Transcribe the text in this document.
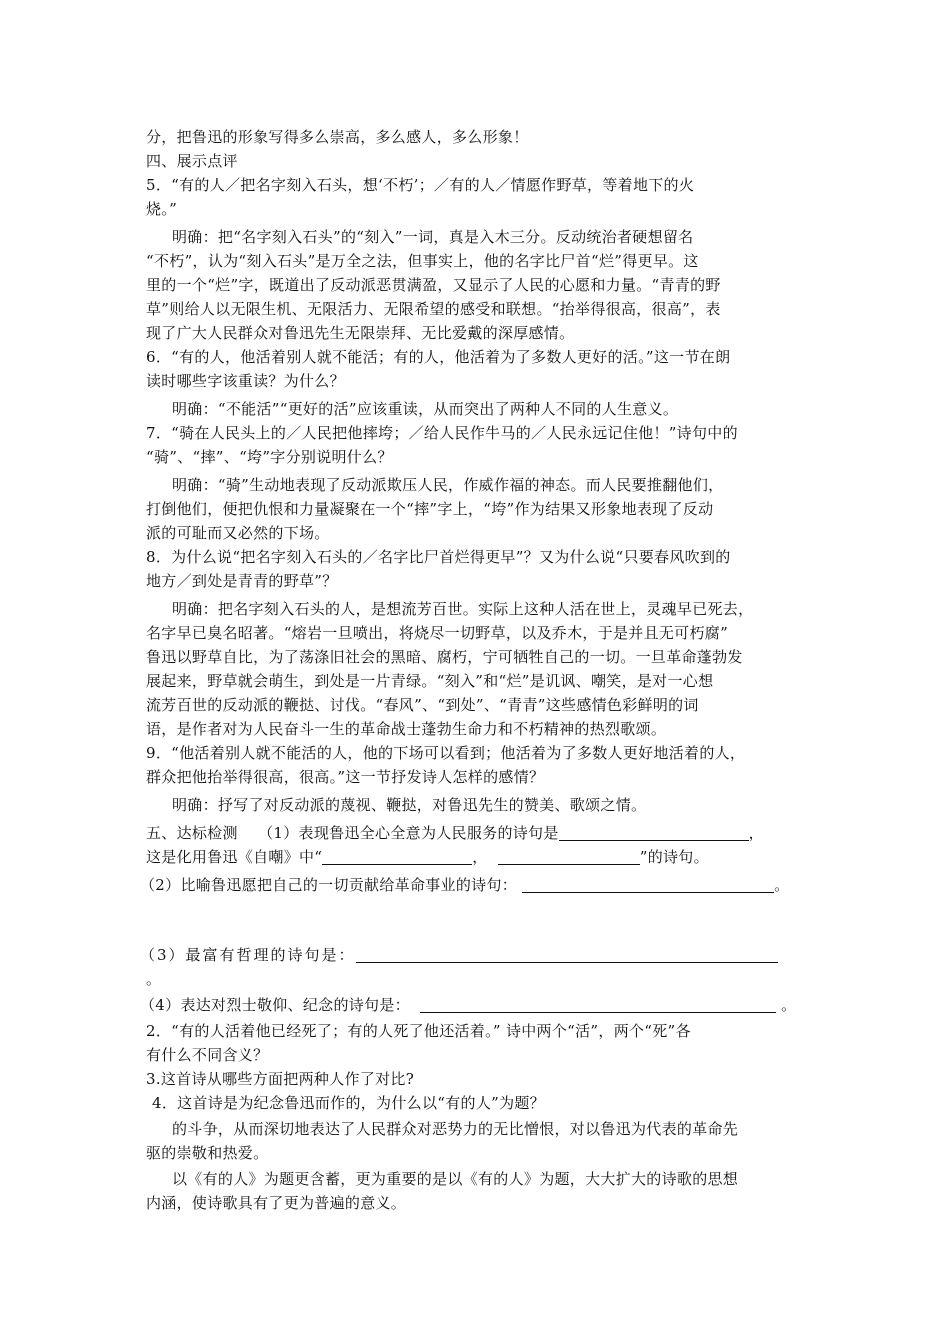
分，把鲁迅的形象写得多么崇高，多么感人，多么形象！
四、展示点评
5．“有的人／把名字刻入石头，想‘不朽’；／有的人／情愿作野草，等着地下的火
烧。”
明确：把“名字刻入石头”的“刻入”一词，真是入木三分。反动统治者硬想留名
“不朽”，认为“刻入石头”是万全之法，但事实上，他的名字比尸首“烂”得更早。这
里的一个“烂”字，既道出了反动派恶贯满盈，又显示了人民的心愿和力量。“青青的野
草”则给人以无限生机、无限活力、无限希望的感受和联想。“抬举得很高，很高”，表
现了广大人民群众对鲁迅先生无限崇拜、无比爱戴的深厚感情。
6．“有的人，他活着别人就不能活；有的人，他活着为了多数人更好的活。”这一节在朗
读时哪些字该重读？为什么？
明确：“不能活”“更好的活”应该重读，从而突出了两种人不同的人生意义。
7．“骑在人民头上的／人民把他摔垮；／给人民作牛马的／人民永远记住他！”诗句中的
“骑”、“摔”、“垮”字分别说明什么？
明确：“骑”生动地表现了反动派欺压人民，作威作福的神态。而人民要推翻他们，
打倒他们，便把仇恨和力量凝聚在一个“摔”字上，“垮”作为结果又形象地表现了反动
派的可耻而又必然的下场。
8．为什么说“把名字刻入石头的／名字比尸首烂得更早”？又为什么说“只要春风吹到的
地方／到处是青青的野草”？
明确：把名字刻入石头的人，是想流芳百世。实际上这种人活在世上，灵魂早已死去，
名字早已臭名昭著。“熔岩一旦喷出，将烧尽一切野草，以及乔木，于是并且无可朽腐”
鲁迅以野草自比，为了荡涤旧社会的黑暗、腐朽，宁可牺牲自己的一切。一旦革命蓬勃发
展起来，野草就会萌生，到处是一片青绿。“刻入”和“烂”是讥讽、嘲笑，是对一心想
流芳百世的反动派的鞭挞、讨伐。“春风”、“到处”、“青青”这些感情色彩鲜明的词
语，是作者对为人民奋斗一生的革命战士蓬勃生命力和不朽精神的热烈歌颂。
9．“他活着别人就不能活的人，他的下场可以看到；他活着为了多数人更好地活着的人，
群众把他抬举得很高，很高。”这一节抒发诗人怎样的感情？
明确：抒写了对反动派的蔑视、鞭挞，对鲁迅先生的赞美、歌颂之情。
五、达标检测 （1）表现鲁迅全心全意为人民服务的诗句是	，
这是化用鲁迅《自嘲》中“	，	”的诗句。
（2）比喻鲁迅愿把自己的一切贡献给革命事业的诗句：	。
（3）最富有哲理的诗句是：
。
（4）表达对烈士敬仰、纪念的诗句是：	。
2．“有的人活着他已经死了；有的人死了他还活着。” 诗中两个“活”，两个“死”各
有什么不同含义？
3.这首诗从哪些方面把两种人作了对比?
4．这首诗是为纪念鲁迅而作的，为什么以“有的人”为题？
的斗争，从而深切地表达了人民群众对恶势力的无比憎恨，对以鲁迅为代表的革命先
驱的崇敬和热爱。
以《有的人》为题更含蓄，更为重要的是以《有的人》为题，大大扩大的诗歌的思想
内涵，使诗歌具有了更为普遍的意义。
